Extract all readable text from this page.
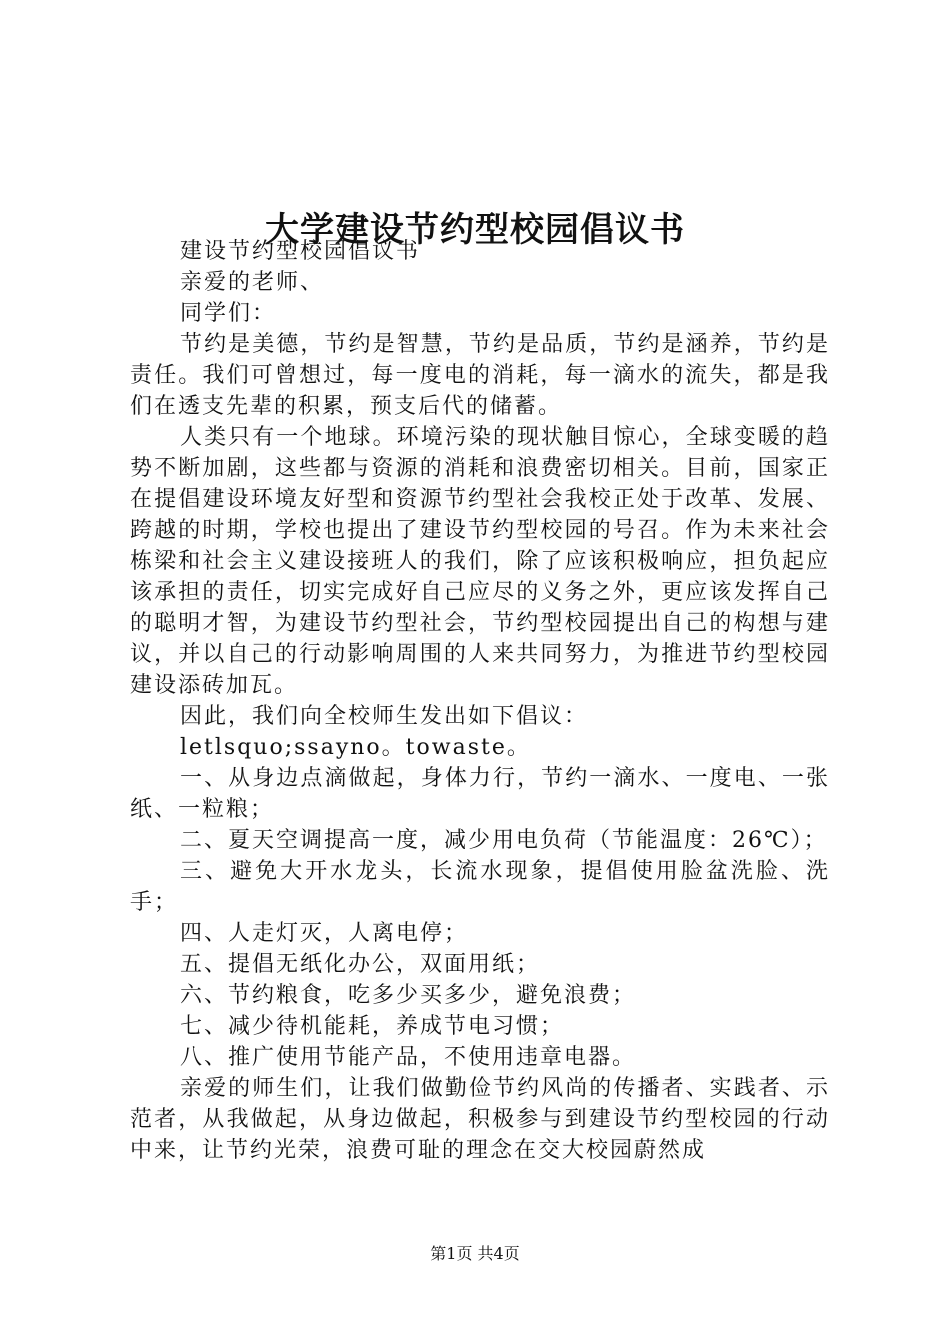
大学建设节约型校园倡议书

建设节约型校园倡议书

亲爱的老师、

同学们：

节约是美德，节约是智慧，节约是品质，节约是涵养，节约是责任。我们可曾想过，每一度电的消耗，每一滴水的流失，都是我们在透支先辈的积累，预支后代的储蓄。

人类只有一个地球。环境污染的现状触目惊心，全球变暖的趋势不断加剧，这些都与资源的消耗和浪费密切相关。目前，国家正在提倡建设环境友好型和资源节约型社会我校正处于改革、发展、跨越的时期，学校也提出了建设节约型校园的号召。作为未来社会栋梁和社会主义建设接班人的我们，除了应该积极响应，担负起应该承担的责任，切实完成好自己应尽的义务之外，更应该发挥自己的聪明才智，为建设节约型社会，节约型校园提出自己的构想与建议，并以自己的行动影响周围的人来共同努力，为推进节约型校园建设添砖加瓦。

因此，我们向全校师生发出如下倡议：

letlsquo;ssayno。towaste。

一、从身边点滴做起，身体力行，节约一滴水、一度电、一张纸、一粒粮；

二、夏天空调提高一度，减少用电负荷（节能温度：26℃）；

三、避免大开水龙头，长流水现象，提倡使用脸盆洗脸、洗手；

四、人走灯灭，人离电停；

五、提倡无纸化办公，双面用纸；

六、节约粮食，吃多少买多少，避免浪费；

七、减少待机能耗，养成节电习惯；

八、推广使用节能产品，不使用违章电器。

亲爱的师生们，让我们做勤俭节约风尚的传播者、实践者、示范者，从我做起，从身边做起，积极参与到建设节约型校园的行动中来，让节约光荣，浪费可耻的理念在交大校园蔚然成

第1页 共4页
